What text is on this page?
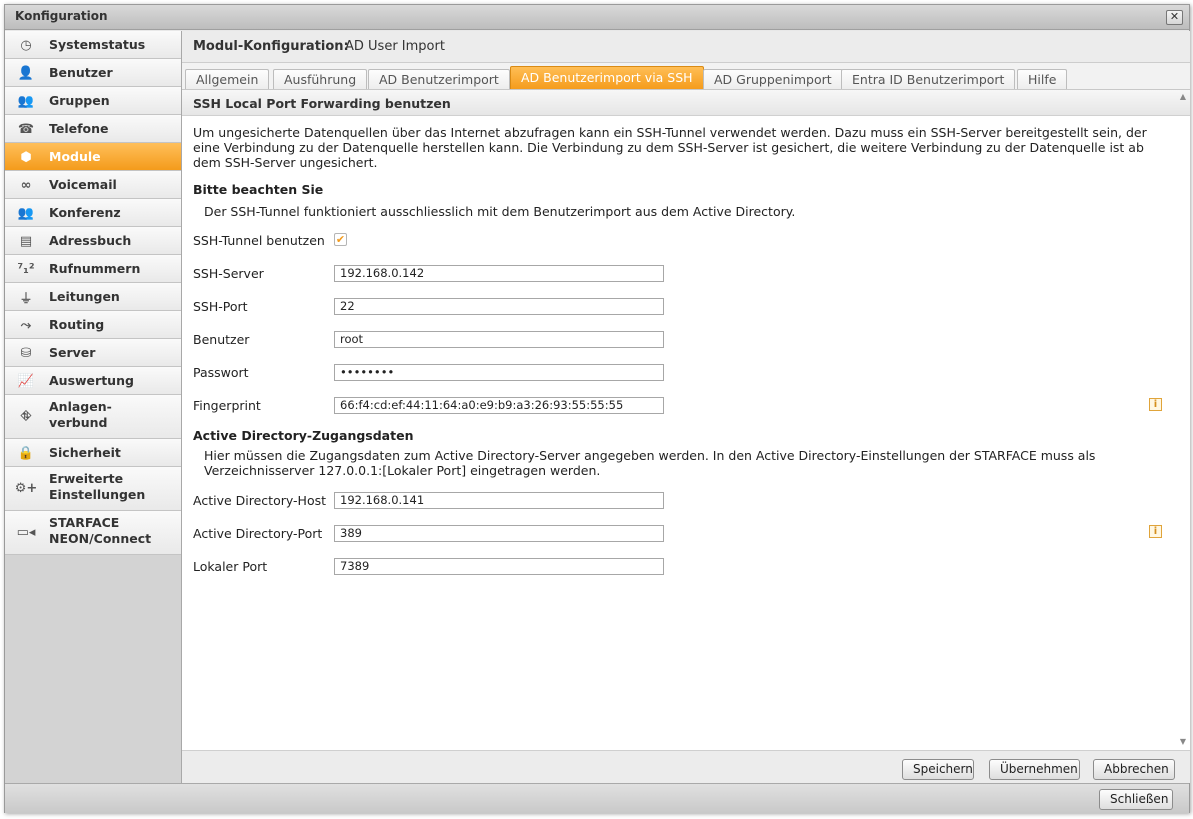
Konfiguration	✕
◷ Systemstatus
👤 Benutzer
👥 Gruppen
☎ Telefone
⬢ Module
∞ Voicemail
👥 Konferenz
▤ Adressbuch
⁷₁² Rufnummern
⏚ Leitungen
⤳	Routing
⛁ Server
📈 Auswertung
⛗
Anlagen-
verbund
🔒 Sicherheit
⚙+
Erweiterte
Einstellungen
▭◂
STARFACE
NEON/Connect
Modul-Konfiguration:
AD User Import
Allgemein	Ausführung	AD Benutzerimport	AD Benutzerimport via SSH	AD Gruppenimport	Entra ID Benutzerimport	Hilfe
SSH Local Port Forwarding benutzen	▲
Um ungesicherte Datenquellen über das Internet abzufragen kann ein SSH-Tunnel verwendet werden. Dazu muss ein SSH-Server bereitgestellt sein, der eine Verbindung zu der Datenquelle herstellen kann. Die Verbindung zu dem SSH-Server ist gesichert, die weitere Verbindung zu der Datenquelle ist ab dem SSH-Server ungesichert.
Bitte beachten Sie
Der SSH-Tunnel funktioniert ausschliesslich mit dem Benutzerimport aus dem Active Directory.
SSH-Tunnel benutzen ✔
SSH-Server	192.168.0.142
SSH-Port	22
Benutzer	root
Passwort	••••••••
Fingerprint	66:f4:cd:ef:44:11:64:a0:e9:b9:a3:26:93:55:55:55	i
Active Directory-Zugangsdaten
Hier müssen die Zugangsdaten zum Active Directory-Server angegeben werden. In den Active Directory-Einstellungen der STARFACE muss als Verzeichnisserver 127.0.0.1:[Lokaler Port] eingetragen werden.
Active Directory-Host	192.168.0.141
Active Directory-Port	389	i
Lokaler Port	7389
▼
Speichern	Übernehmen	Abbrechen
Schließen
